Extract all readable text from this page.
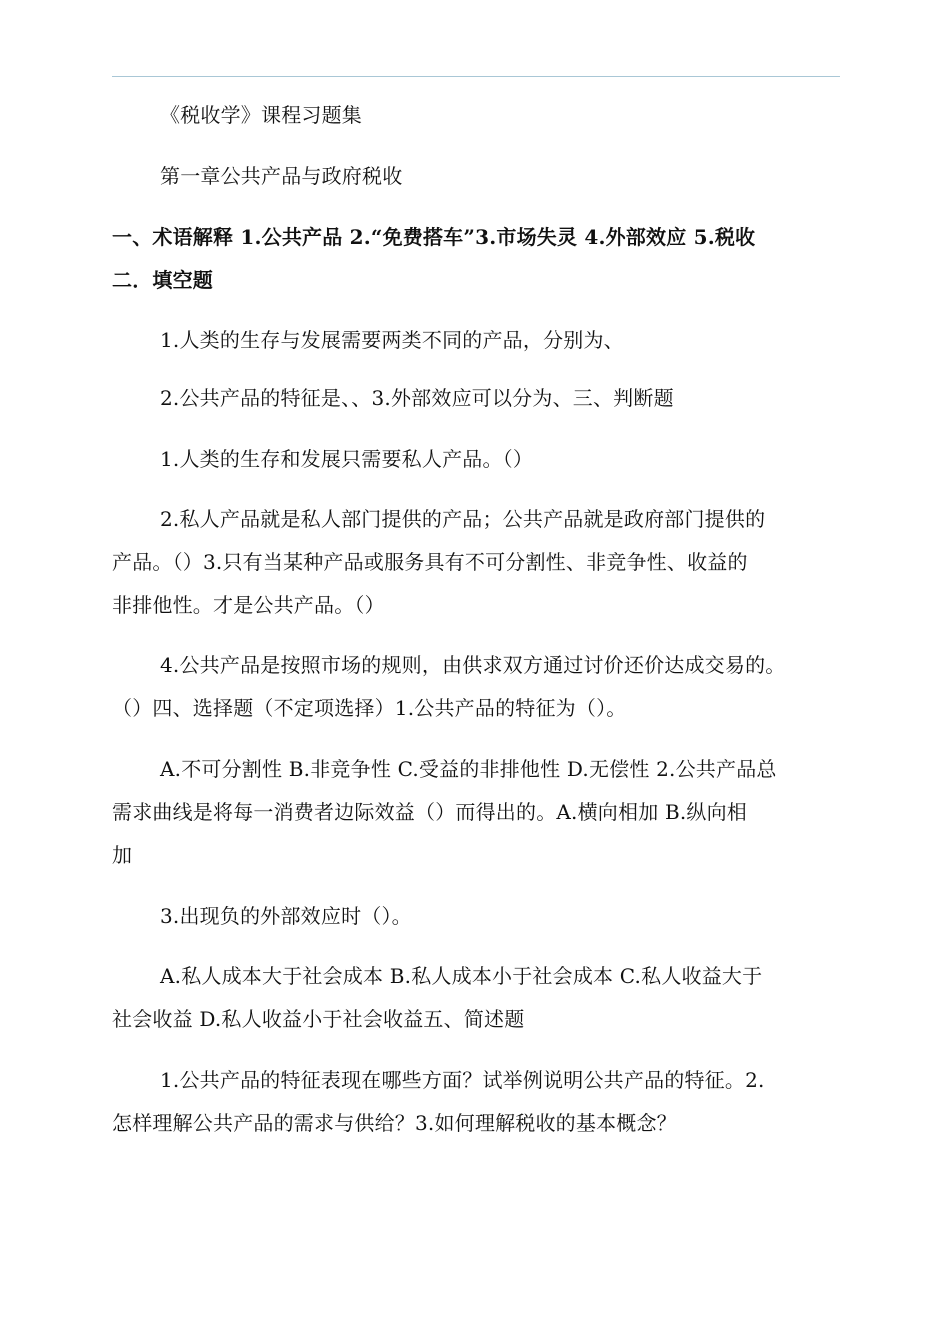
《税收学》课程习题集
第一章公共产品与政府税收
一、术语解释 1.公共产品 2.“免费搭车”3.市场失灵 4.外部效应 5.税收
二．填空题
1.人类的生存与发展需要两类不同的产品，分别为、
2.公共产品的特征是、、3.外部效应可以分为、三、判断题
1.人类的生存和发展只需要私人产品。（）
2.私人产品就是私人部门提供的产品；公共产品就是政府部门提供的
产品。（）3.只有当某种产品或服务具有不可分割性、非竞争性、收益的
非排他性。才是公共产品。（）
4.公共产品是按照市场的规则，由供求双方通过讨价还价达成交易的。
（）四、选择题（不定项选择）1.公共产品的特征为（）。
A.不可分割性 B.非竞争性 C.受益的非排他性 D.无偿性 2.公共产品总
需求曲线是将每一消费者边际效益（）而得出的。A.横向相加 B.纵向相
加
3.出现负的外部效应时（）。
A.私人成本大于社会成本 B.私人成本小于社会成本 C.私人收益大于
社会收益 D.私人收益小于社会收益五、简述题
1.公共产品的特征表现在哪些方面？试举例说明公共产品的特征。2.
怎样理解公共产品的需求与供给？3.如何理解税收的基本概念？
